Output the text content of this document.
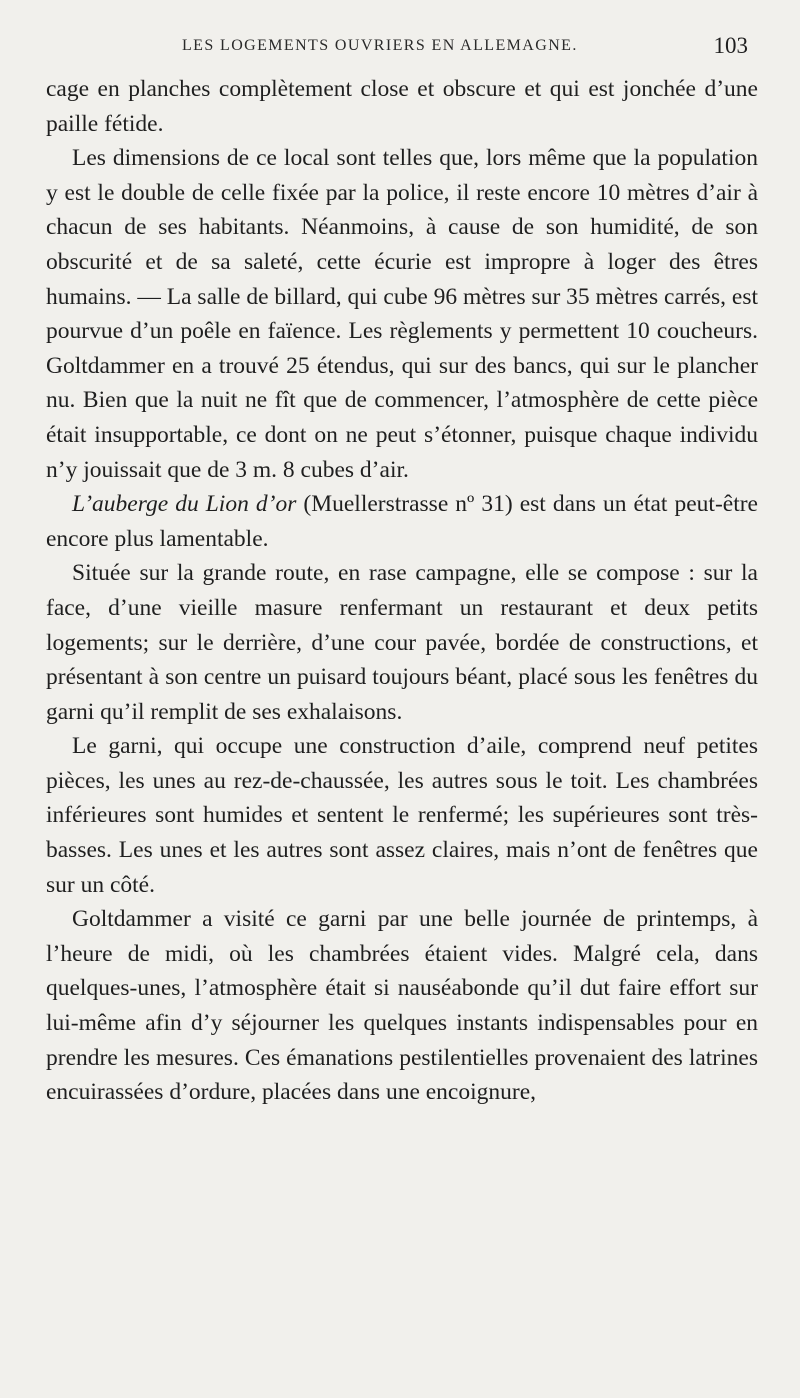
LES LOGEMENTS OUVRIERS EN ALLEMAGNE.	103

cage en planches complètement close et obscure et qui est jonchée d’une paille fétide.

Les dimensions de ce local sont telles que, lors même que la population y est le double de celle fixée par la police, il reste encore 10 mètres d’air à chacun de ses habitants. Néanmoins, à cause de son humidité, de son obscurité et de sa saleté, cette écurie est impropre à loger des êtres humains. — La salle de billard, qui cube 96 mètres sur 35 mètres carrés, est pourvue d’un poêle en faïence. Les règlements y permettent 10 coucheurs. Goltdammer en a trouvé 25 étendus, qui sur des bancs, qui sur le plancher nu. Bien que la nuit ne fît que de commencer, l’atmosphère de cette pièce était insupportable, ce dont on ne peut s’étonner, puisque chaque individu n’y jouissait que de 3 m. 8 cubes d’air.

L’auberge du Lion d’or (Muellerstrasse nº 31) est dans un état peut-être encore plus lamentable.

Située sur la grande route, en rase campagne, elle se compose : sur la face, d’une vieille masure renfermant un restaurant et deux petits logements; sur le derrière, d’une cour pavée, bordée de constructions, et présentant à son centre un puisard toujours béant, placé sous les fenêtres du garni qu’il remplit de ses exhalaisons.

Le garni, qui occupe une construction d’aile, comprend neuf petites pièces, les unes au rez-de-chaussée, les autres sous le toit. Les chambrées inférieures sont humides et sentent le renfermé; les supérieures sont très-basses. Les unes et les autres sont assez claires, mais n’ont de fenêtres que sur un côté.

Goltdammer a visité ce garni par une belle journée de printemps, à l’heure de midi, où les chambrées étaient vides. Malgré cela, dans quelques-unes, l’atmosphère était si nauséabonde qu’il dut faire effort sur lui-même afin d’y séjourner les quelques instants indispensables pour en prendre les mesures. Ces émanations pestilentielles provenaient des latrines encuirassées d’ordure, placées dans une encoignure,
